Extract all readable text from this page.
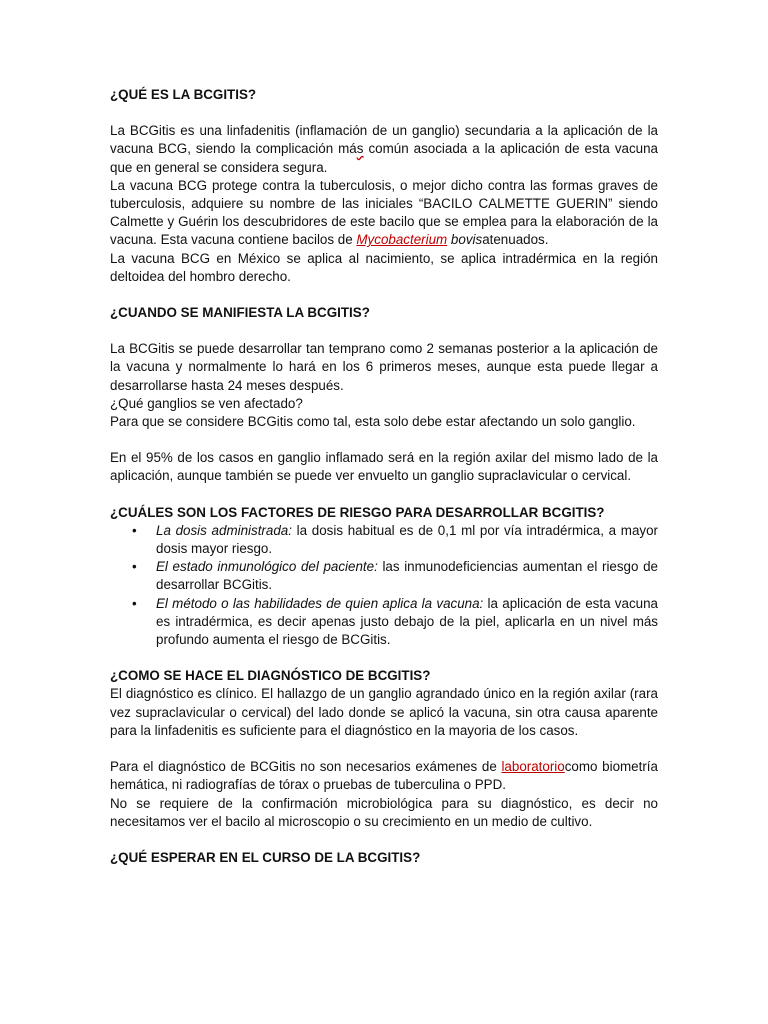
¿QUÉ ES LA BCGITIS?

La BCGitis es una linfadenitis (inflamación de un ganglio) secundaria a la aplicación de la vacuna BCG, siendo la complicación más común asociada a la aplicación de esta vacuna que en general se considera segura.

La vacuna BCG protege contra la tuberculosis, o mejor dicho contra las formas graves de tuberculosis, adquiere su nombre de las iniciales “BACILO CALMETTE GUERIN” siendo Calmette y Guérin los descubridores de este bacilo que se emplea para la elaboración de la vacuna. Esta vacuna contiene bacilos de Mycobacterium bovisatenuados.

La vacuna BCG en México se aplica al nacimiento, se aplica intradérmica en la región deltoidea del hombro derecho.

¿CUANDO SE MANIFIESTA LA BCGITIS?

La BCGitis se puede desarrollar tan temprano como 2 semanas posterior a la aplicación de la vacuna y normalmente lo hará en los 6 primeros meses, aunque esta puede llegar a desarrollarse hasta 24 meses después.

¿Qué ganglios se ven afectado?

Para que se considere BCGitis como tal, esta solo debe estar afectando un solo ganglio.

En el 95% de los casos en ganglio inflamado será en la región axilar del mismo lado de la aplicación, aunque también se puede ver envuelto un ganglio supraclavicular o cervical.

¿CUÁLES SON LOS FACTORES DE RIESGO PARA DESARROLLAR BCGITIS?

• La dosis administrada: la dosis habitual es de 0,1 ml por vía intradérmica, a mayor dosis mayor riesgo.
• El estado inmunológico del paciente: las inmunodeficiencias aumentan el riesgo de desarrollar BCGitis.
• El método o las habilidades de quien aplica la vacuna: la aplicación de esta vacuna es intradérmica, es decir apenas justo debajo de la piel, aplicarla en un nivel más profundo aumenta el riesgo de BCGitis.

¿COMO SE HACE EL DIAGNÓSTICO DE BCGITIS?

El diagnóstico es clínico. El hallazgo de un ganglio agrandado único en la región axilar (rara vez supraclavicular o cervical) del lado donde se aplicó la vacuna, sin otra causa aparente para la linfadenitis es suficiente para el diagnóstico en la mayoria de los casos.

Para el diagnóstico de BCGitis no son necesarios exámenes de laboratoriocomo biometría hemática, ni radiografías de tórax o pruebas de tuberculina o PPD.

No se requiere de la confirmación microbiológica para su diagnóstico, es decir no necesitamos ver el bacilo al microscopio o su crecimiento en un medio de cultivo.

¿QUÉ ESPERAR EN EL CURSO DE LA BCGITIS?
